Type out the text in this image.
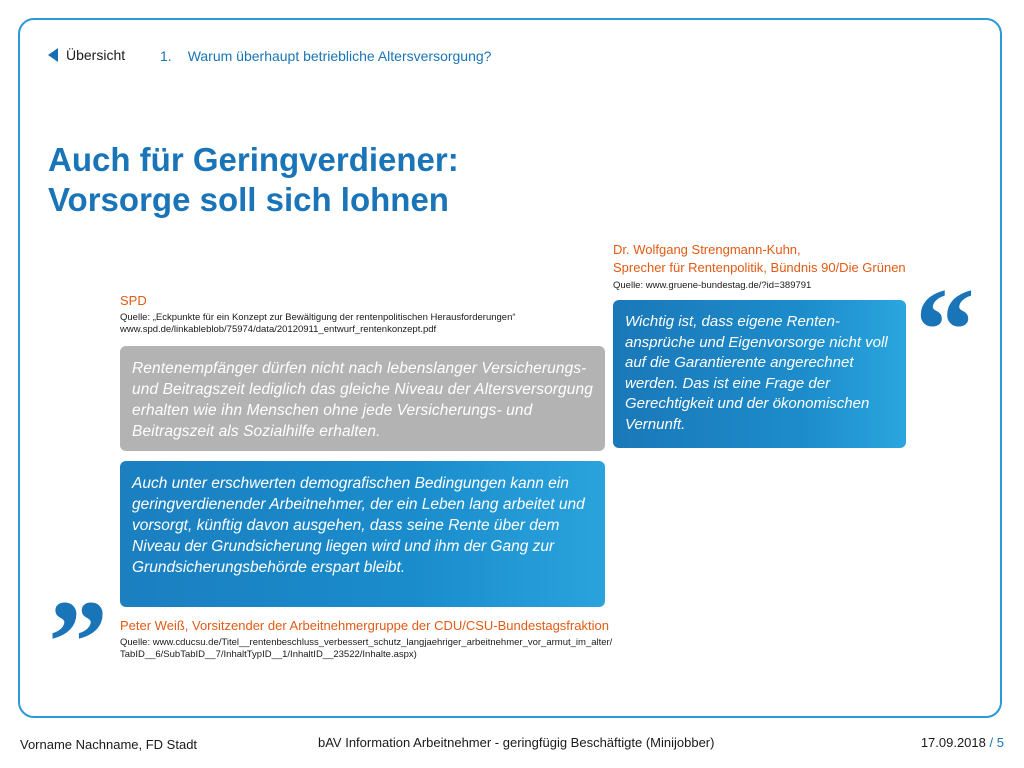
Übersicht 1. Warum überhaupt betriebliche Altersversorgung?
Auch für Geringverdiener:
Vorsorge soll sich lohnen
Dr. Wolfgang Strengmann-Kuhn,
Sprecher für Rentenpolitik, Bündnis 90/Die Grünen
Quelle: www.gruene-bundestag.de/?id=389791 “

Wichtig ist, dass eigene Renten-ansprüche und Eigenvorsorge nicht voll auf die Garantierente angerechnet werden. Das ist eine Frage der Gerechtigkeit und der ökonomischen Vernunft.

SPD
Quelle: „Eckpunkte für ein Konzept zur Bewältigung der rentenpolitischen Herausforderungen“
www.spd.de/linkableblob/75974/data/20120911_entwurf_rentenkonzept.pdf

Rentenempfänger dürfen nicht nach lebenslanger Versicherungs- und Beitragszeit lediglich das gleiche Niveau der Altersversorgung erhalten wie ihn Menschen ohne jede Versicherungs- und Beitragszeit als Sozialhilfe erhalten.

Auch unter erschwerten demografischen Bedingungen kann ein geringverdienender Arbeitnehmer, der ein Leben lang arbeitet und vorsorgt, künftig davon ausgehen, dass seine Rente über dem Niveau der Grundsicherung liegen wird und ihm der Gang zur Grundsicherungsbehörde erspart bleibt.

” Peter Weiß, Vorsitzender der Arbeitnehmergruppe der CDU/CSU-Bundestagsfraktion
Quelle: www.cducsu.de/Titel__rentenbeschluss_verbessert_schutz_langjaehriger_arbeitnehmer_vor_armut_im_alter/
TabID__6/SubTabID__7/InhaltTypID__1/InhaltID__23522/Inhalte.aspx)
Vorname Nachname, FD Stadt	bAV Information Arbeitnehmer - geringfügig Beschäftigte (Minijobber)	17.09.2018 / 5
